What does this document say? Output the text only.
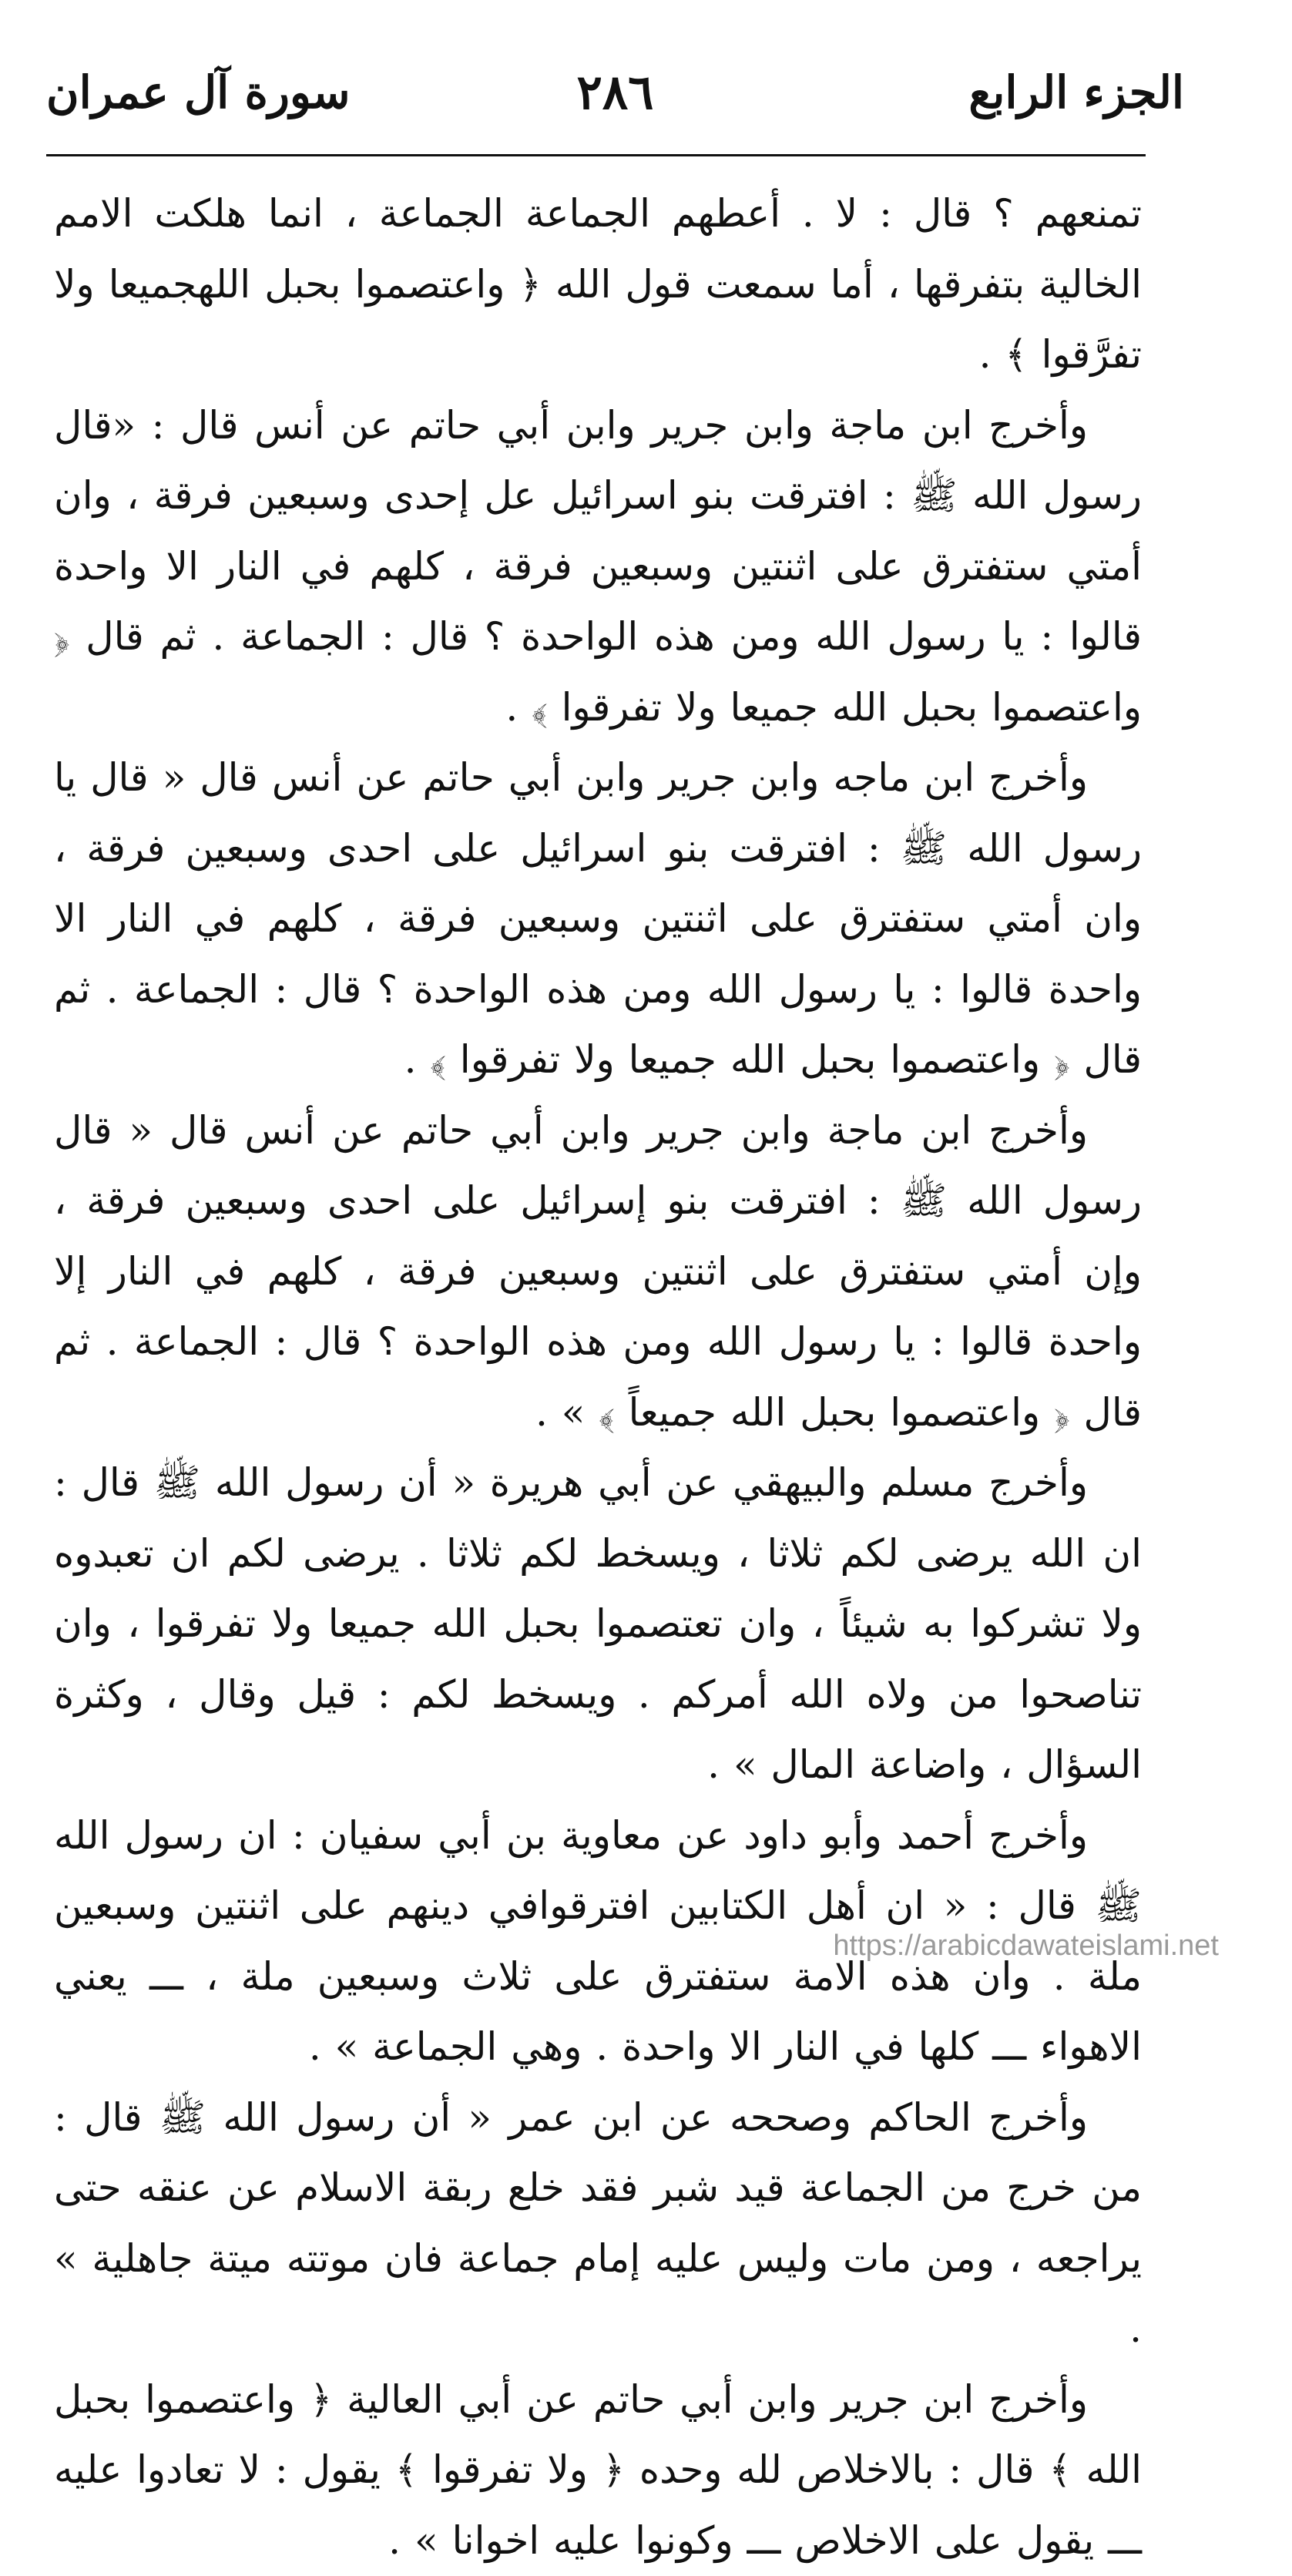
الجزء الرابع
٢٨٦
سورة آل عمران

تمنعهم ؟ قال : لا . أعطهم الجماعة الجماعة ، انما هلكت الامم الخالية بتفرقها ، أما سمعت قول الله ﴿ واعتصموا بحبل اللهجميعا ولا تفرَّقوا ﴾ .

وأخرج ابن ماجة وابن جرير وابن أبي حاتم عن أنس قال : «قال رسول الله ﷺ : افترقت بنو اسرائيل عل إحدى وسبعين فرقة ، وان أمتي ستفترق على اثنتين وسبعين فرقة ، كلهم في النار الا واحدة قالوا : يا رسول الله ومن هذه الواحدة ؟ قال : الجماعة . ثم قال ﴿ واعتصموا بحبل الله جميعا ولا تفرقوا ﴾ .

وأخرج ابن ماجه وابن جرير وابن أبي حاتم عن أنس قال « قال يا رسول الله ﷺ : افترقت بنو اسرائيل على احدى وسبعين فرقة ، وان أمتي ستفترق على اثنتين وسبعين فرقة ، كلهم في النار الا واحدة قالوا : يا رسول الله ومن هذه الواحدة ؟ قال : الجماعة . ثم قال ﴿ واعتصموا بحبل الله جميعا ولا تفرقوا ﴾ .

وأخرج ابن ماجة وابن جرير وابن أبي حاتم عن أنس قال « قال رسول الله ﷺ : افترقت بنو إسرائيل على احدى وسبعين فرقة ، وإن أمتي ستفترق على اثنتين وسبعين فرقة ، كلهم في النار إلا واحدة قالوا : يا رسول الله ومن هذه الواحدة ؟ قال : الجماعة . ثم قال ﴿ واعتصموا بحبل الله جميعاً ﴾ » .

وأخرج مسلم والبيهقي عن أبي هريرة « أن رسول الله ﷺ قال : ان الله يرضى لكم ثلاثا ، ويسخط لكم ثلاثا . يرضى لكم ان تعبدوه ولا تشركوا به شيئاً ، وان تعتصموا بحبل الله جميعا ولا تفرقوا ، وان تناصحوا من ولاه الله أمركم . ويسخط لكم : قيل وقال ، وكثرة السؤال ، واضاعة المال » .

وأخرج أحمد وأبو داود عن معاوية بن أبي سفيان : ان رسول الله ﷺ قال : « ان أهل الكتابين افترقوافي دينهم على اثنتين وسبعين ملة . وان هذه الامة ستفترق على ثلاث وسبعين ملة ، ـــ يعني الاهواء ـــ كلها في النار الا واحدة . وهي الجماعة » .

وأخرج الحاكم وصححه عن ابن عمر « أن رسول الله ﷺ قال : من خرج من الجماعة قيد شبر فقد خلع ربقة الاسلام عن عنقه حتى يراجعه ، ومن مات وليس عليه إمام جماعة فان موتته ميتة جاهلية » .

وأخرج ابن جرير وابن أبي حاتم عن أبي العالية ﴿ واعتصموا بحبل الله ﴾ قال : بالاخلاص لله وحده ﴿ ولا تفرقوا ﴾ يقول : لا تعادوا عليه ـــ يقول على الاخلاص ـــ وكونوا عليه اخوانا » .

https://arabicdawateislami.net
